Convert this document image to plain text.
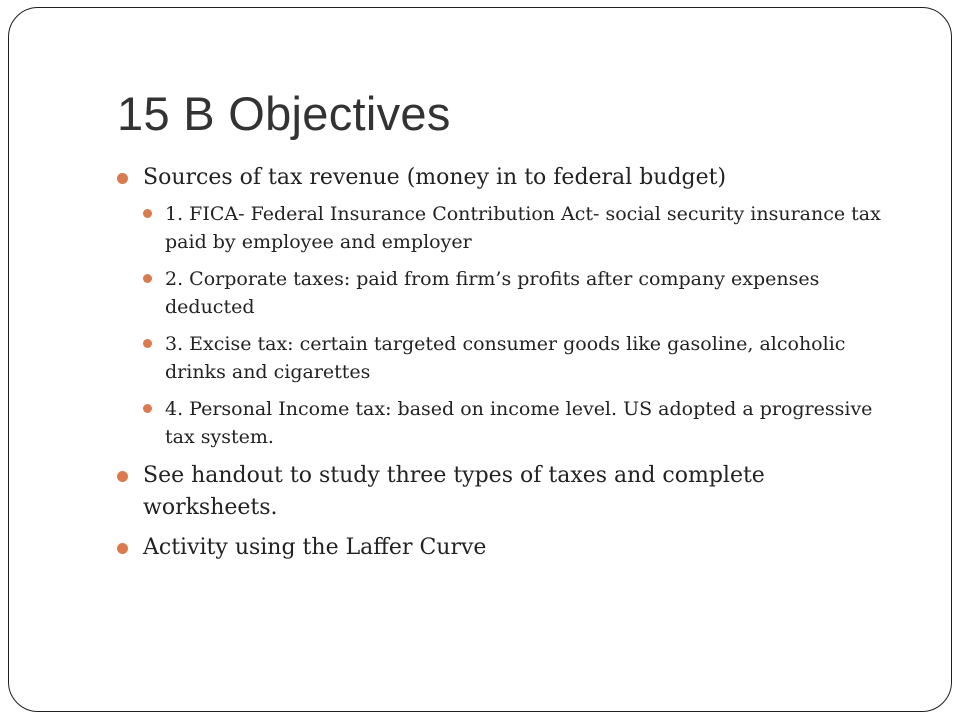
15 B Objectives
Sources of tax revenue (money in to federal budget)
1. FICA- Federal Insurance Contribution Act- social security insurance tax paid by employee and employer
2. Corporate taxes: paid from firm’s profits after company expenses deducted
3. Excise tax: certain targeted consumer goods like gasoline, alcoholic drinks and cigarettes
4. Personal Income tax: based on income level. US adopted a progressive tax system.
See handout to study three types of taxes and complete worksheets.
Activity using the Laffer Curve
